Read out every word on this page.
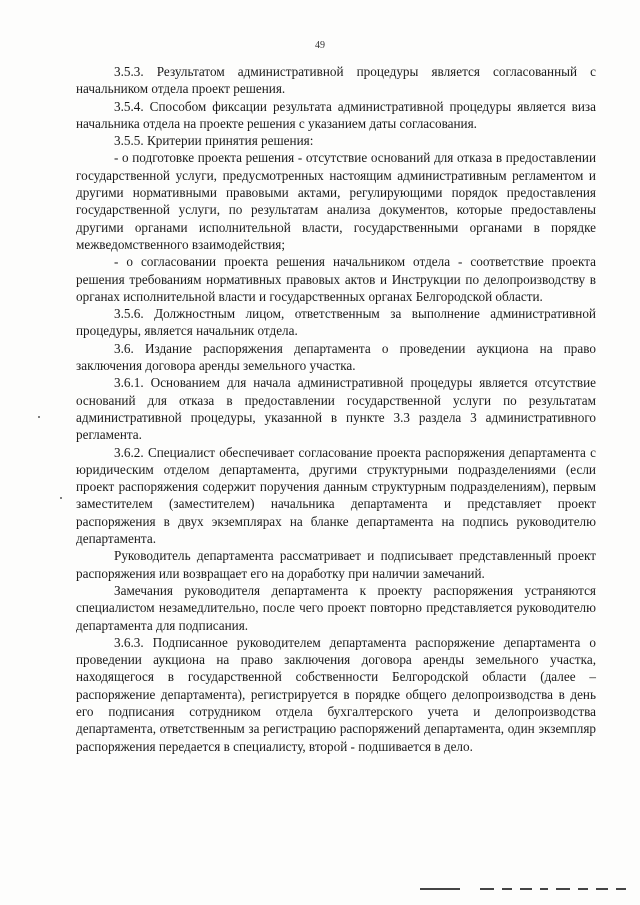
49

3.5.3. Результатом административной процедуры является согласованный с начальником отдела проект решения.

3.5.4. Способом фиксации результата административной процедуры является виза начальника отдела на проекте решения с указанием даты согласования.

3.5.5. Критерии принятия решения:

- о подготовке проекта решения - отсутствие оснований для отказа в предоставлении государственной услуги, предусмотренных настоящим административным регламентом и другими нормативными правовыми актами, регулирующими порядок предоставления государственной услуги, по результатам анализа документов, которые предоставлены другими органами исполнительной власти, государственными органами в порядке межведомственного взаимодействия;

- о согласовании проекта решения начальником отдела - соответствие проекта решения требованиям нормативных правовых актов и Инструкции по делопроизводству в органах исполнительной власти и государственных органах Белгородской области.

3.5.6. Должностным лицом, ответственным за выполнение административной процедуры, является начальник отдела.

3.6. Издание распоряжения департамента о проведении аукциона на право заключения договора аренды земельного участка.

3.6.1. Основанием для начала административной процедуры является отсутствие оснований для отказа в предоставлении государственной услуги по результатам административной процедуры, указанной в пункте 3.3 раздела 3 административного регламента.

3.6.2. Специалист обеспечивает согласование проекта распоряжения департамента с юридическим отделом департамента, другими структурными подразделениями (если проект распоряжения содержит поручения данным структурным подразделениям), первым заместителем (заместителем) начальника департамента и представляет проект распоряжения в двух экземплярах на бланке департамента на подпись руководителю департамента.

Руководитель департамента рассматривает и подписывает представленный проект распоряжения или возвращает его на доработку при наличии замечаний.

Замечания руководителя департамента к проекту распоряжения устраняются специалистом незамедлительно, после чего проект повторно представляется руководителю департамента для подписания.

3.6.3. Подписанное руководителем департамента распоряжение департамента о проведении аукциона на право заключения договора аренды земельного участка, находящегося в государственной собственности Белгородской области (далее – распоряжение департамента), регистрируется в порядке общего делопроизводства в день его подписания сотрудником отдела бухгалтерского учета и делопроизводства департамента, ответственным за регистрацию распоряжений департамента, один экземпляр распоряжения передается в специалисту, второй - подшивается в дело.
